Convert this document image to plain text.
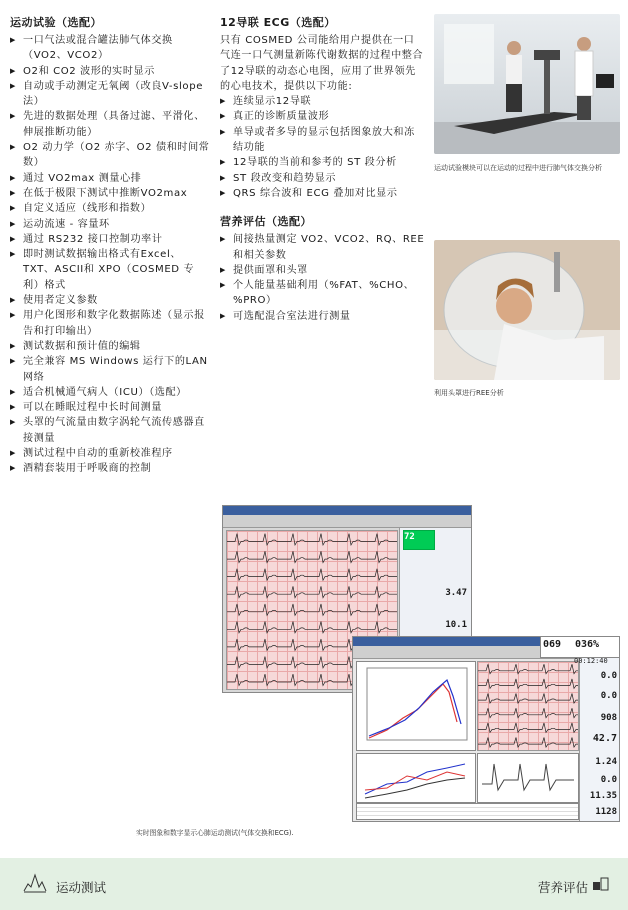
运动试验（选配）
▶ 一口气法或混合罐法肺气体交换（VO2、VCO2）
▶ O2和 CO2 波形的实时显示
▶ 自动或手动测定无氧阈（改良V-slope 法）
▶ 先进的数据处理（具备过滤、平滑化、伸展推断功能）
▶ O2 动力学（O2 赤字、O2 债和时间常数）
▶ 通过 VO2max 测量心排
▶ 在低于极限下测试中推断VO2max
▶ 自定义适应（线形和指数）
▶ 运动流速 - 容量环
▶ 通过 RS232 接口控制功率计
▶ 即时测试数据输出格式有Excel、TXT、ASCII和 XPO（COSMED 专利）格式
▶ 使用者定义参数
▶ 用户化图形和数字化数据陈述（显示报告和打印输出）
▶ 测试数据和预计值的编辑
▶ 完全兼容 MS Windows 运行下的LAN 网络
▶ 适合机械通气病人（ICU）（选配）
▶ 可以在睡眠过程中长时间测量
▶ 头罩的气流量由数字涡轮气流传感器直接测量
▶ 测试过程中自动的重新校准程序
▶ 酒精套装用于呼吸商的控制
12导联 ECG（选配）

只有 COSMED 公司能给用户提供在一口气连一口气测量新陈代谢数据的过程中整合了12导联的动态心电图，应用了世界领先的心电技术，提供以下功能:

▶ 连续显示12导联
▶ 真正的诊断质量波形
▶ 单导或者多导的显示包括图象放大和冻结功能
▶ 12导联的当前和参考的 ST 段分析
▶ ST 段改变和趋势显示
▶ QRS 综合波和 ECG 叠加对比显示
营养评估（选配）
▶ 间接热量测定 VO2、VCO2、RQ、REE 和相关参数
▶ 提供面罩和头罩
▶ 个人能量基础利用（%FAT、%CHO、%PRO）
▶ 可选配混合室法进行测量
运动试验模块可以在运动的过程中进行肺气体交换分析
利用头罩进行REE分析
72
3.47
10.1
0.0
0.0
908
42.7
1.24
0.0
11.35
1128
069 036%
00:12:40
实时图象和数字显示心肺运动测试(气体交换和ECG).
运动测试	营养评估
